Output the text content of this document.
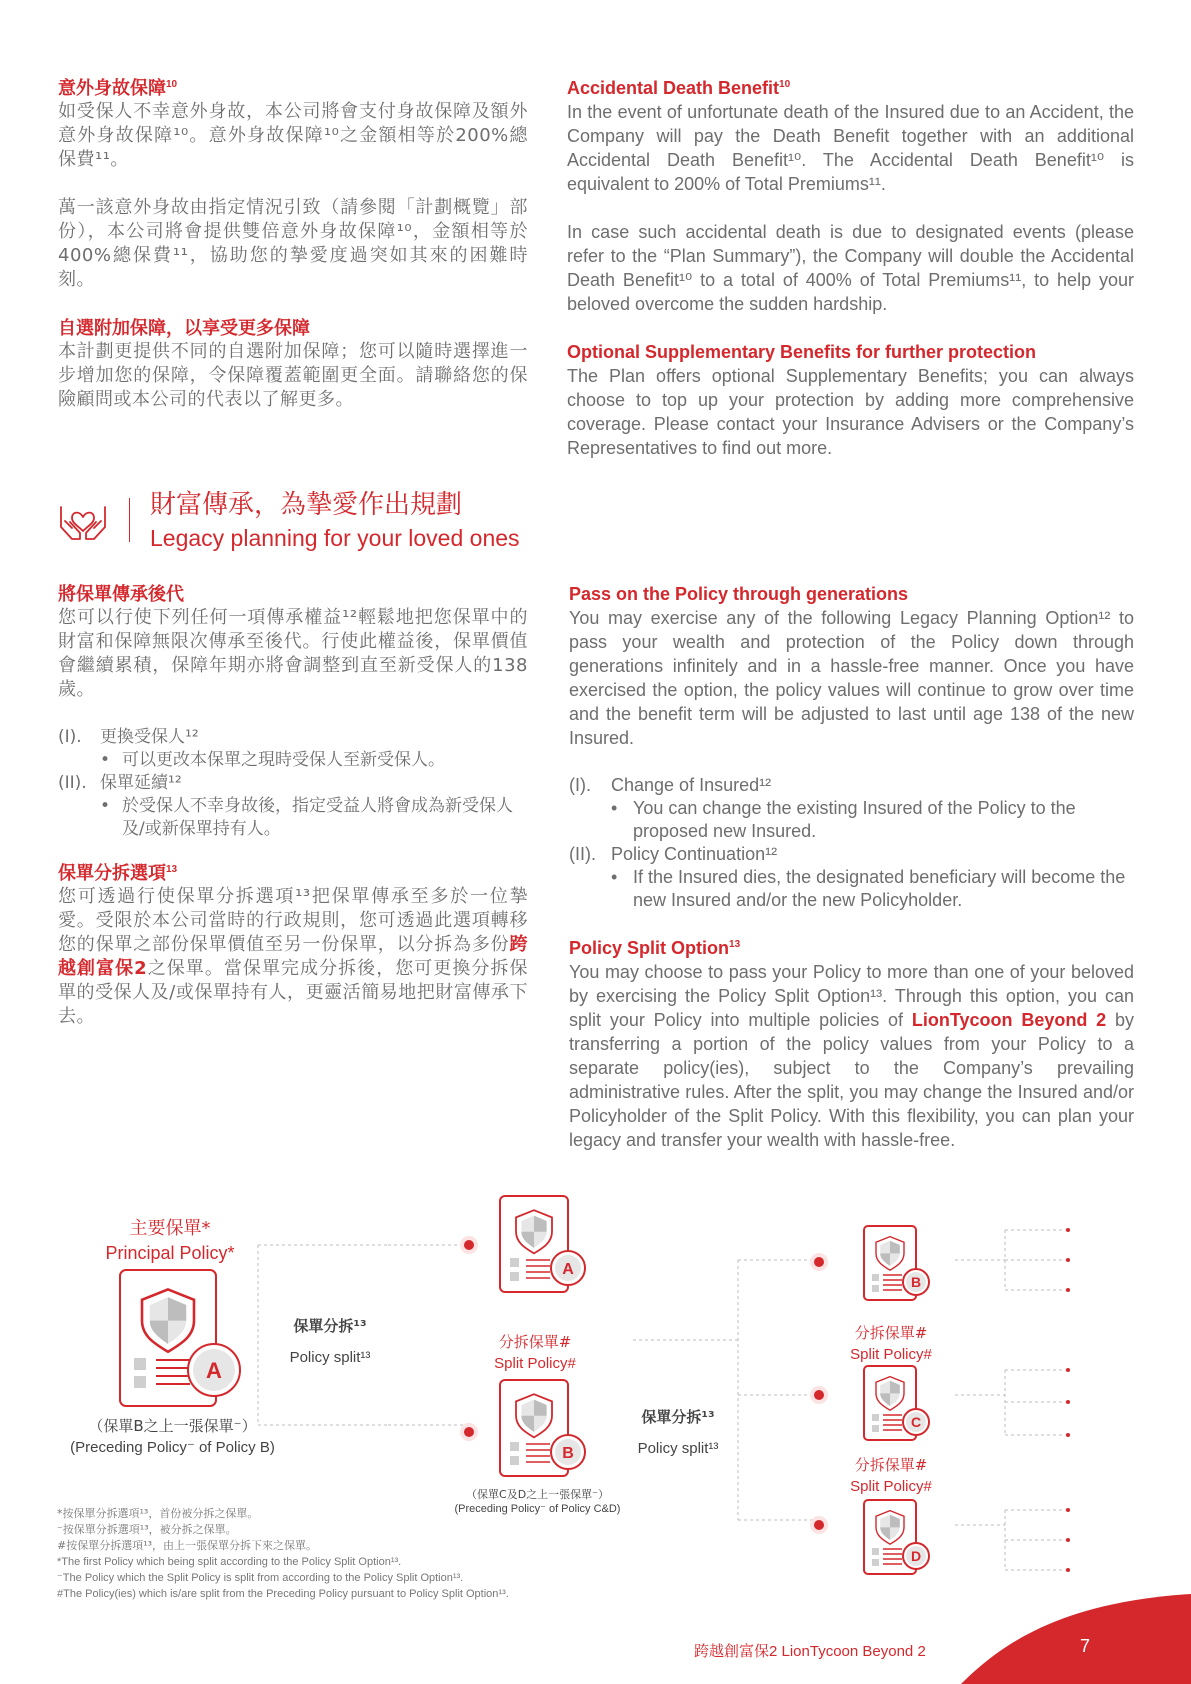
意外身故保障$^{10}$

如受保人不幸意外身故，本公司將會支付身故保障及額外意外身故保障¹⁰。意外身故保障¹⁰之金額相等於200%總保費¹¹。

萬一該意外身故由指定情況引致（請參閱「計劃概覽」部份），本公司將會提供雙倍意外身故保障¹⁰，金額相等於400%總保費¹¹，協助您的摯愛度過突如其來的困難時刻。

自選附加保障，以享受更多保障

本計劃更提供不同的自選附加保障；您可以隨時選擇進一步增加您的保障，令保障覆蓋範圍更全面。請聯絡您的保險顧問或本公司的代表以了解更多。

Accidental Death Benefit$^{10}$

In the event of unfortunate death of the Insured due to an Accident, the Company will pay the Death Benefit together with an additional Accidental Death Benefit¹⁰. The Accidental Death Benefit¹⁰ is equivalent to 200% of Total Premiums¹¹.

In case such accidental death is due to designated events (please refer to the “Plan Summary”), the Company will double the Accidental Death Benefit¹⁰ to a total of 400% of Total Premiums¹¹, to help your beloved overcome the sudden hardship.

Optional Supplementary Benefits for further protection

The Plan offers optional Supplementary Benefits; you can always choose to top up your protection by adding more comprehensive coverage. Please contact your Insurance Advisers or the Company’s Representatives to find out more.

財富傳承，為摯愛作出規劃
Legacy planning for your loved ones
將保單傳承後代

您可以行使下列任何一項傳承權益¹²輕鬆地把您保單中的財富和保障無限次傳承至後代。行使此權益後，保單價值會繼續累積，保障年期亦將會調整到直至新受保人的138歲。

(I).	更換受保人¹²
• 可以更改本保單之現時受保人至新受保人。
(II). 保單延續¹²
• 於受保人不幸身故後，指定受益人將會成為新受保人及/或新保單持有人。
保單分拆選項$^{13}$

您可透過行使保單分拆選項¹³把保單傳承至多於一位摯愛。受限於本公司當時的行政規則，您可透過此選項轉移您的保單之部份保單價值至另一份保單，以分拆為多份跨越創富保2之保單。當保單完成分拆後，您可更換分拆保單的受保人及/或保單持有人，更靈活簡易地把財富傳承下去。

Pass on the Policy through generations

You may exercise any of the following Legacy Planning Option¹² to pass your wealth and protection of the Policy down through generations infinitely and in a hassle-free manner. Once you have exercised the option, the policy values will continue to grow over time and the benefit term will be adjusted to last until age 138 of the new Insured.

(I).	Change of Insured¹²
• You can change the existing Insured of the Policy to the proposed new Insured.
(II). Policy Continuation¹²
• If the Insured dies, the designated beneficiary will become the new Insured and/or the new Policyholder.
Policy Split Option$^{13}$

You may choose to pass your Policy to more than one of your beloved by exercising the Policy Split Option¹³. Through this option, you can split your Policy into multiple policies of LionTycoon Beyond 2 by transferring a portion of the policy values from your Policy to a separate policy(ies), subject to the Company’s prevailing administrative rules. After the split, you may change the Insured and/or Policyholder of the Split Policy. With this flexibility, you can plan your legacy and transfer your wealth with hassle-free.

A
A
B
B
C
D
主要保單*
Principal Policy*
（保單B之上一張保單⁻）
(Preceding Policy⁻ of Policy B)
保單分拆¹³
Policy split¹³
分拆保單#
Split Policy#
（保單C及D之上一張保單⁻）
(Preceding Policy⁻ of Policy C&D)
保單分拆¹³
Policy split¹³
分拆保單#
Split Policy#
分拆保單#
Split Policy#
*按保單分拆選項¹³，首份被分拆之保單。
⁻按保單分拆選項¹³，被分拆之保單。
#按保單分拆選項¹³，由上一張保單分拆下來之保單。
*The first Policy which being split according to the Policy Split Option¹³.
⁻The Policy which the Split Policy is split from according to the Policy Split Option¹³.
#The Policy(ies) which is/are split from the Preceding Policy pursuant to Policy Split Option¹³.
跨越創富保2 LionTycoon Beyond 2	7
